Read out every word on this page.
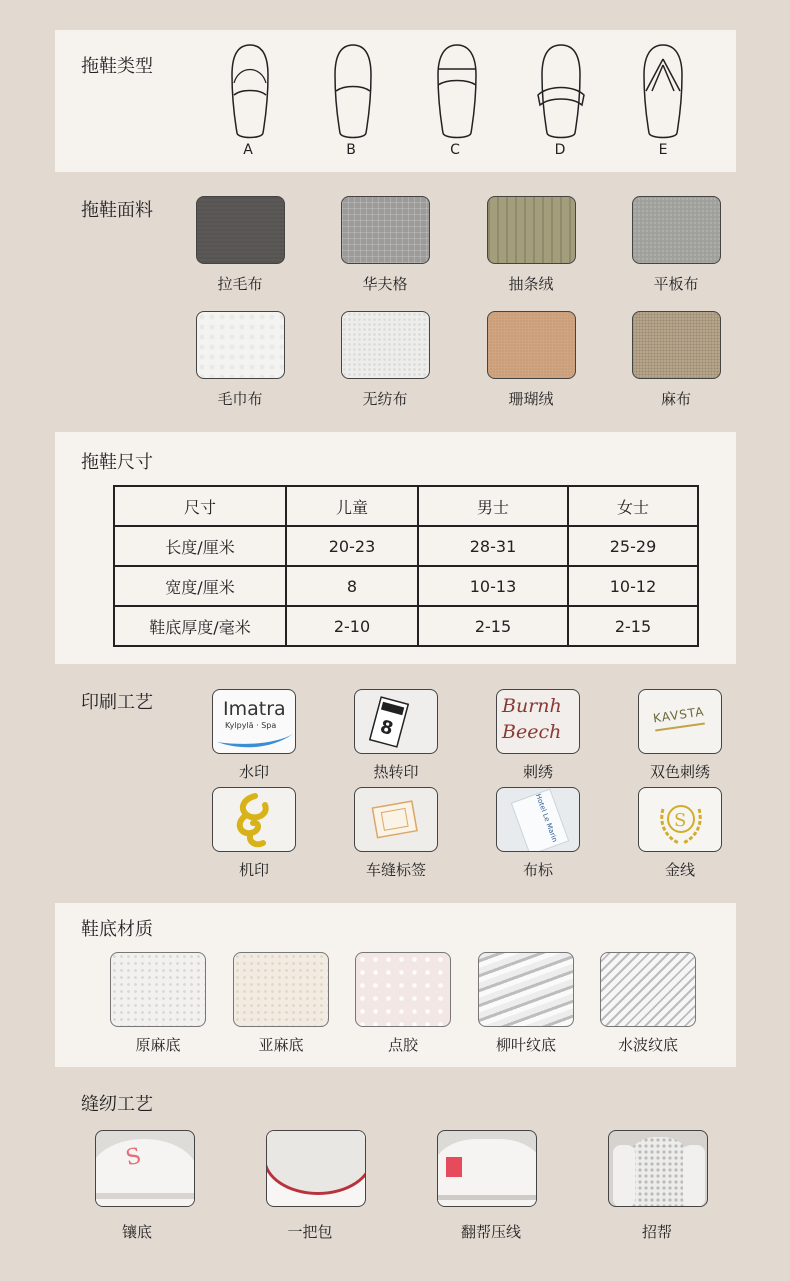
拖鞋类型
A	B	C	D	E
拖鞋面料
拉毛布	华夫格	抽条绒	平板布
毛巾布	无纺布	珊瑚绒	麻布
拖鞋尺寸
尺寸	儿童	男士	女士
长度/厘米	20-23	28-31	25-29
宽度/厘米	8	10-13	10-12
鞋底厚度/毫米	2-10	2-15	2-15
印刷工艺	Imatra
Kylpylä · Spa	8
Burnh Beech
KAVSTA
Hotel Le Marin	S
水印	热转印	刺绣	双色刺绣
机印	车缝标签	布标	金线
鞋底材质
原麻底	亚麻底	点胶	柳叶纹底	水波纹底
缝纫工艺
S
镶底	一把包	翻帮压线	招帮
